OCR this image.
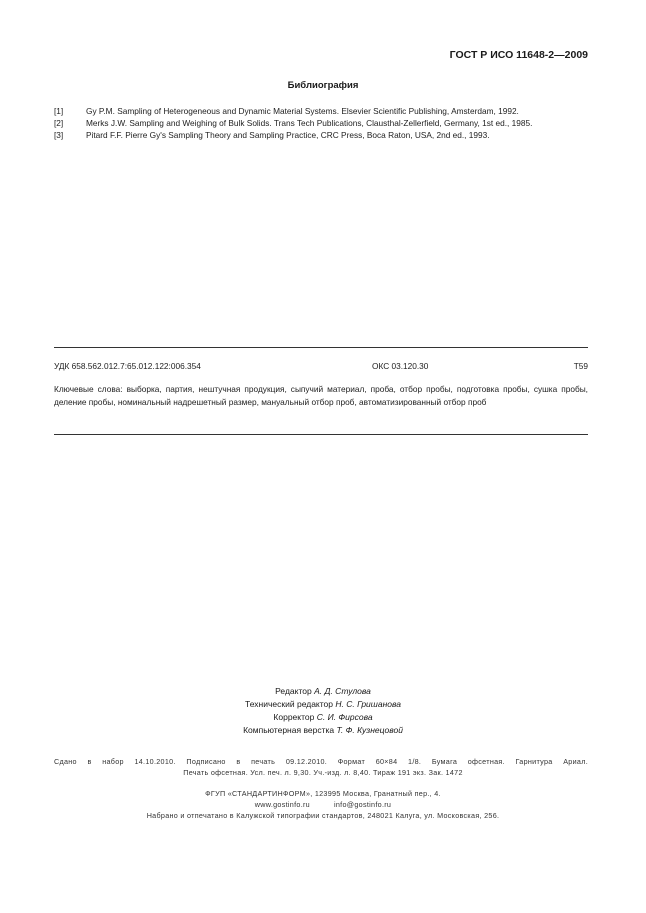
ГОСТ Р ИСО 11648-2—2009
Библиография
[1]	Gy P.M. Sampling of Heterogeneous and Dynamic Material Systems. Elsevier Scientific Publishing, Amsterdam, 1992.
[2]	Merks J.W. Sampling and Weighing of Bulk Solids. Trans Tech Publications, Clausthal-Zellerfield, Germany, 1st ed., 1985.
[3]	Pitard F.F. Pierre Gy's Sampling Theory and Sampling Practice, CRC Press, Boca Raton, USA, 2nd ed., 1993.
УДК 658.562.012.7:65.012.122:006.354	ОКС 03.120.30	T59
Ключевые слова: выборка, партия, нештучная продукция, сыпучий материал, проба, отбор пробы, подготовка пробы, сушка пробы, деление пробы, номинальный надрешетный размер, мануальный отбор проб, автоматизированный отбор проб
Редактор А. Д. Стулова
Технический редактор Н. С. Гришанова
Корректор С. И. Фирсова
Компьютерная верстка Т. Ф. Кузнецовой
Сдано в набор 14.10.2010. Подписано в печать 09.12.2010. Формат 60×84 1/8. Бумага офсетная. Гарнитура Ариал.
Печать офсетная. Усл. печ. л. 9,30. Уч.-изд. л. 8,40. Тираж 191 экз. Зак. 1472
ФГУП «СТАНДАРТИНФОРМ», 123995 Москва, Гранатный пер., 4.
www.gostinfo.ru	info@gostinfo.ru
Набрано и отпечатано в Калужской типографии стандартов, 248021 Калуга, ул. Московская, 256.
